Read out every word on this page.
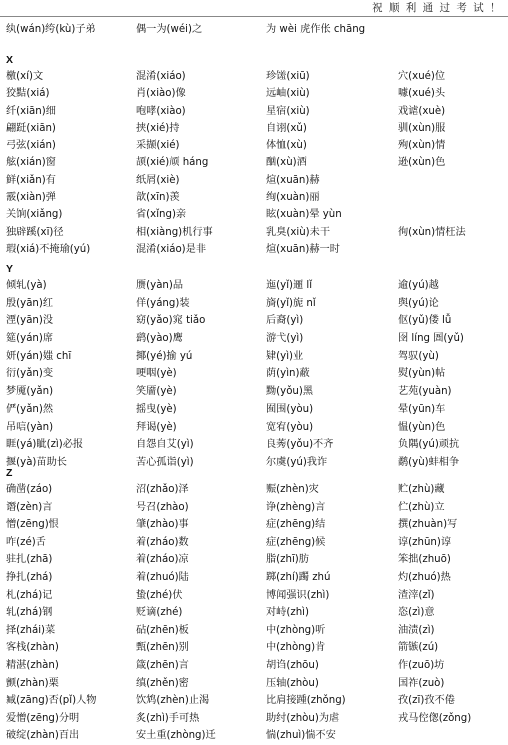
祝 顺 利 通 过 考 试 ！
纨(wán)绔(kù)子弟	偶一为(wéi)之	为 wèi 虎作伥 chāng
X
檄(xí)文	混淆(xiáo)	珍馐(xiū)	穴(xué)位
狡黠(xiá)	肖(xiào)像	远岫(xiù)	噱(xué)头
纤(xiān)细	咆哮(xiào)	星宿(xiù)	戏谑(xuè)
翩跹(xiān)	挟(xié)持	自诩(xǔ)	驯(xùn)服
弓弦(xián)	采撷(xié)	体恤(xù)	殉(xùn)情
舷(xián)窗	颉(xié)颃 háng	酗(xù)酒	逊(xùn)色
鲜(xiǎn)有	纸屑(xiè)	煊(xuān)赫
霰(xiàn)弹	歆(xīn)羡	绚(xuàn)丽
关饷(xiǎng)	省(xǐng)亲	眩(xuàn)晕 yùn
独辟蹊(xī)径	相(xiàng)机行事	乳臭(xiù)未干	徇(xùn)情枉法
瑕(xiá)不掩瑜(yú)	混淆(xiáo)是非	煊(xuān)赫一时
Y
倾轧(yà)	赝(yàn)品	迤(yǐ)逦 lǐ	逾(yú)越
殷(yān)红	佯(yáng)装	旖(yǐ)旎 nǐ	舆(yú)论
湮(yān)没	窈(yǎo)窕 tiǎo	后裔(yì)	伛(yǔ)偻 lǚ
筵(yán)席	鹞(yào)鹰	游弋(yì)	囹 líng 圄(yǔ)
妍(yán)媸 chī	揶(yé)揄 yú	肄(yì)业	驾驭(yù)
衍(yǎn)变	哽咽(yè)	荫(yìn)蔽	熨(yùn)帖
梦魇(yǎn)	笑靥(yè)	黝(yǒu)黑	艺苑(yuàn)
俨(yǎn)然	摇曳(yè)	囿围(yòu)	晕(yūn)车
吊唁(yàn)	拜谒(yè)	宽宥(yòu)	愠(yùn)色
睚(yá)眦(zì)必报	自怨自艾(yì)	良莠(yǒu)不齐	负隅(yú)顽抗
揠(yà)苗助长	苦心孤诣(yì)	尔虞(yú)我诈	鹬(yù)蚌相争
Z
确凿(záo)	沼(zhǎo)泽	赈(zhèn)灾	贮(zhù)藏
谮(zèn)言	号召(zhào)	诤(zhèng)言	伫(zhù)立
憎(zēng)恨	肇(zhào)事	症(zhēng)结	撰(zhuàn)写
咋(zé)舌	着(zháo)数	症(zhēng)候	谆(zhūn)谆
驻扎(zhā)	着(zháo)凉	脂(zhī)肪	笨拙(zhuō)
挣扎(zhá)	着(zhuó)陆	踯(zhí)躅 zhú	灼(zhuó)热
札(zhá)记	蛰(zhé)伏	博闻强识(zhì)	渣滓(zǐ)
轧(zhá)钢	贬谪(zhé)	对峙(zhì)	恣(zì)意
择(zhái)菜	砧(zhēn)板	中(zhòng)听	油渍(zì)
客栈(zhàn)	甄(zhēn)别	中(zhòng)肯	箭镞(zú)
精湛(zhàn)	箴(zhēn)言	胡诌(zhōu)	作(zuō)坊
颤(zhàn)栗	缜(zhěn)密	压轴(zhòu)	国祚(zuò)
臧(zāng)否(pǐ)人物	饮鸩(zhèn)止渴	比肩接踵(zhǒng)	孜(zī)孜不倦
爱憎(zēng)分明	炙(zhì)手可热	助纣(zhòu)为虐	戎马倥偬(zǒng)
破绽(zhàn)百出	安土重(zhòng)迁	惴(zhuì)惴不安
